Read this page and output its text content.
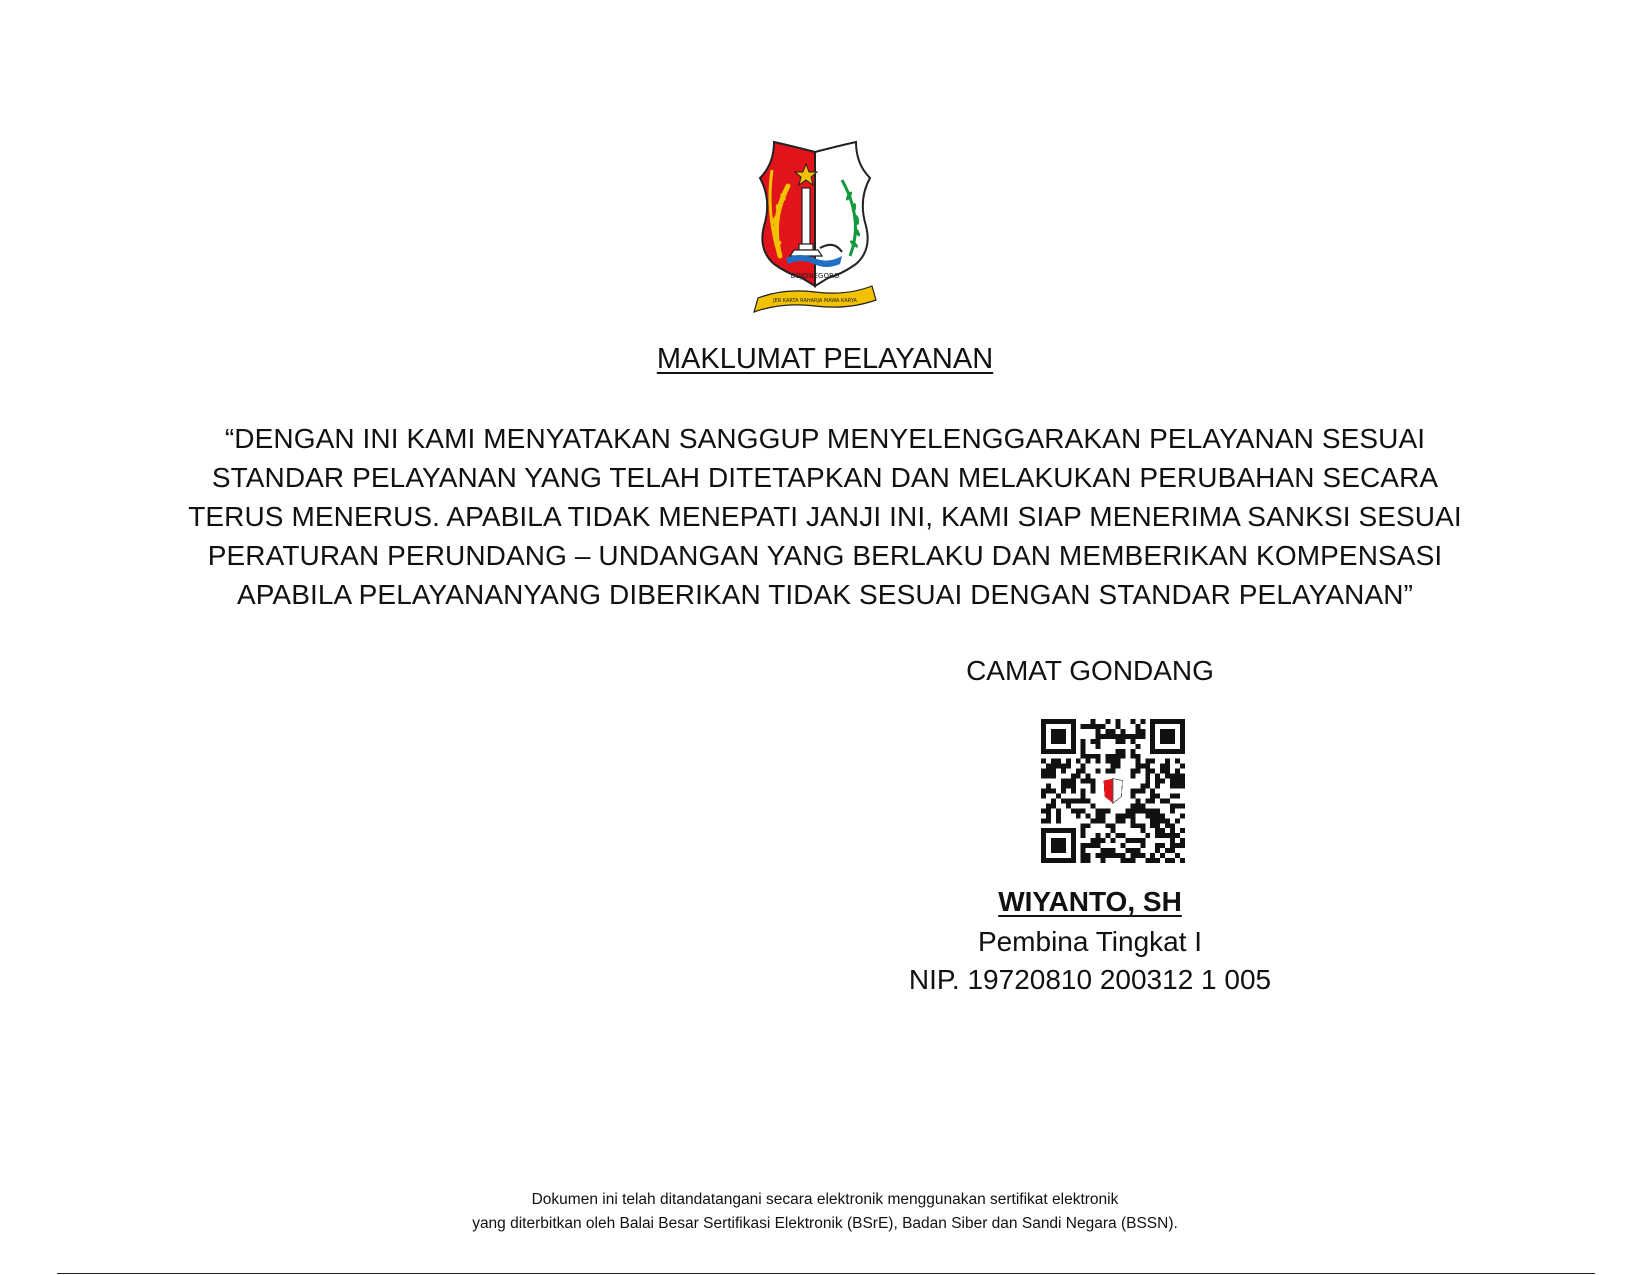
BOJONEGORO
JER KARTA RAHARJA MAWA KARYA
MAKLUMAT PELAYANAN
“DENGAN INI KAMI MENYATAKAN SANGGUP MENYELENGGARAKAN PELAYANAN SESUAI
STANDAR PELAYANAN YANG TELAH DITETAPKAN DAN MELAKUKAN PERUBAHAN SECARA
TERUS MENERUS. APABILA TIDAK MENEPATI JANJI INI, KAMI SIAP MENERIMA SANKSI SESUAI
PERATURAN PERUNDANG – UNDANGAN YANG BERLAKU DAN MEMBERIKAN KOMPENSASI
APABILA PELAYANANYANG DIBERIKAN TIDAK SESUAI DENGAN STANDAR PELAYANAN”
CAMAT GONDANG
WIYANTO, SH
Pembina Tingkat I
NIP. 19720810 200312 1 005
Dokumen ini telah ditandatangani secara elektronik menggunakan sertifikat elektronik
yang diterbitkan oleh Balai Besar Sertifikasi Elektronik (BSrE), Badan Siber dan Sandi Negara (BSSN).
